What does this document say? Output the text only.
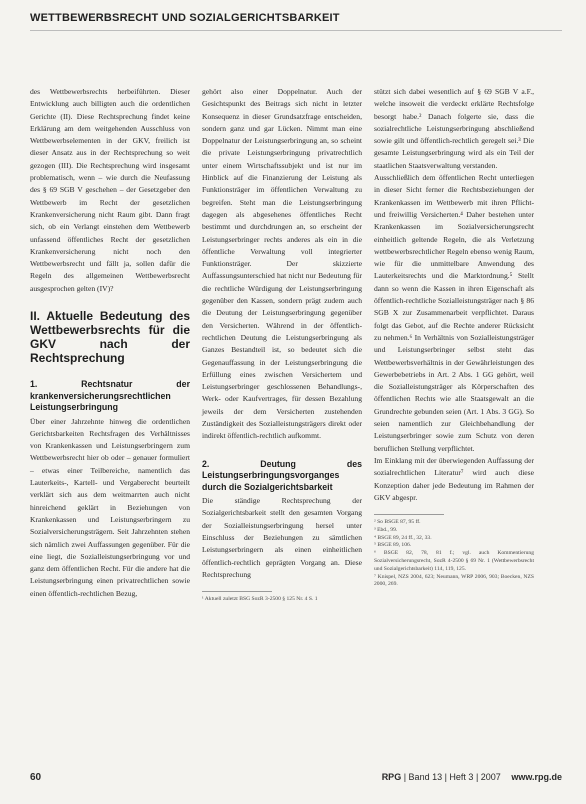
WETTBEWERBSRECHT UND SOZIALGERICHTSBARKEIT

des Wettbewerbsrechts herbeiführten. Dieser Entwicklung auch billigten auch die ordentlichen Gerichte (II). Diese Rechtsprechung findet keine Erklärung am dem weitgehenden Ausschluss von Wettbewerbselementen in der GKV, freilich ist dieser Ansatz aus in der Rechtsprechung so weit gezogen (III). Die Rechtsprechung wird insgesamt problematisch, wenn – wie durch die Neufassung des § 69 SGB V geschehen – der Gesetzgeber den Wettbewerb im Recht der gesetzlichen Krankenversicherung nicht Raum gibt. Dann fragt sich, ob ein Verlangt einstehen dem Wettbewerb unfassend öffentliches Recht der gesetzlichen Krankenversicherung nicht noch den Wettbewerbsrecht und fällt ja, sollen dafür die Regeln des allgemeinen Wettbewerbsrecht ausgesprochen gelten (IV)?

II. Aktuelle Bedeutung des Wettbewerbsrechts für die GKV nach der Rechtsprechung
1. Rechtsnatur der krankenversicherungsrechtlichen Leistungserbringung

Über einer Jahrzehnte hinweg die ordentlichen Gerichtsbarkeiten Rechtsfragen des Verhältnisses von Krankenkassen und Leistungserbringern zum Wettbewerbsrecht hier ob oder – genauer formuliert – etwas einer Teilbereiche, namentlich das Lauterkeits-, Kartell- und Vergaberecht beurteilt verklärt sich aus dem weitmarrten auch nicht hinreichend geklärt in Beziehungen von Krankenkassen und Leistungserbringern zu Sozialversicherungsträgern. Seit Jahrzehnten stehen sich nämlich zwei Auffassungen gegenüber. Für die eine liegt, die Sozialleistungserbringung vor und ganz dem öffentlichen Recht. Für die andere hat die Leistungserbringung einen privatrechtlichen sowie einen öffentlich-rechtlichen Bezug,

gehört also einer Doppelnatur. Auch der Gesichtspunkt des Beitrags sich nicht in letzter Konsequenz in dieser Grundsatzfrage entscheiden, sondern ganz und gar Lücken. Nimmt man eine Doppelnatur der Leistungserbringung an, so scheint die private Leistungserbringung privatrechtlich unter einem Wirtschaftssubjekt und ist nur im Hinblick auf die Finanzierung der Leistung als Funktionsträger im öffentlichen Verwaltung zu begreifen. Steht man die Leistungserbringung dagegen als abgesehenes öffentliches Recht bestimmt und durchdrungen an, so erscheint der Leistungserbringer rechts anderes als ein in die öffentliche Verwaltung voll integrierter Funktionsträger. Der skizzierte Auffassungsunterschied hat nicht nur Bedeutung für die rechtliche Würdigung der Leistungserbringung gegenüber den Kassen, sondern prägt zudem auch die Deutung der Leistungserbringung gegenüber den Versicherten. Während in der öffentlich-rechtlichen Deutung die Leistungserbringung als Ganzes Bestandteil ist, so bedeutet sich die Gegenauffassung in der Leistungserbringung die Erfüllung eines zwischen Versichertem und Leistungserbringer geschlossenen Behandlungs-, Werk- oder Kaufvertrages, für dessen Bezahlung jeweils der dem Versicherten zustehenden Zuständigkeit des Sozialleistungsträgers direkt oder indirekt öffentlich-rechtlich aufkommt.

2. Deutung des Leistungserbringungsvorganges durch die Sozialgerichtsbarkeit

Die ständige Rechtsprechung der Sozialgerichtsbarkeit stellt den gesamten Vorgang der Sozialleistungserbringung hersel unter Einschluss der Beziehungen zu sämtlichen Leistungserbringern als einen einheitlichen öffentlich-rechtlich geprägten Vorgang an. Diese Rechtsprechung

¹ Aktuell zuletzt BSG SozR 3-2500 § 125 Nr. 4 S. 1

stützt sich dabei wesentlich auf § 69 SGB V a.F., welche insoweit die verdeckt erklärte Rechtsfolge besorgt habe.² Danach folgerte sie, dass die sozialrechtliche Leistungserbringung abschließend sowie gilt und öffentlich-rechtlich geregelt sei.³ Die gesamte Leistungserbringung wird als ein Teil der staatlichen Staatsverwaltung verstanden.

Ausschließlich dem öffentlichen Recht unterliegen in dieser Sicht ferner die Rechtsbeziehungen der Krankenkassen im Wettbewerb mit ihren Pflicht- und freiwillig Versicherten.⁴ Daher bestehen unter Krankenkassen im Sozialversicherungsrecht einheitlich geltende Regeln, die als Verletzung wettbewerbsrechtlicher Regeln ebenso wenig Raum, wie für die unmittelbare Anwendung des Lauterkeitsrechts und die Marktordnung.⁵ Stellt dann so wenn die Kassen in ihren Eigenschaft als öffentlich-rechtliche Sozialleistungsträger nach § 86 SGB X zur Zusammenarbeit verpflichtet. Daraus folgt das Gebot, auf die Rechte anderer Rücksicht zu nehmen.⁶ In Verhältnis von Sozialleistungsträger und Leistungserbringer selbst steht das Wettbewerbsverhältnis in der Gewährleistungen des Gewerbebetriebs in Art. 2 Abs. 1 GG gehört, weil die Sozialleistungsträger als Körperschaften des öffentlichen Rechts wie alle Staatsgewalt an die Grundrechte gebunden seien (Art. 1 Abs. 3 GG). So seien namentlich zur Gleichbehandlung der Leistungserbringer sowie zum Schutz von deren beruflichen Stellung verpflichtet.

Im Einklang mit der überwiegenden Auffassung der sozialrechtlichen Literatur⁷ wird auch diese Konzeption daher jede Bedeutung im Rahmen der GKV abgespr.

² So BSGE 87, 95 ff.
³ Ebd., 99.
⁴ BSGE 89, 24 ff., 32, 33.
⁵ BSGE 89, 106.
⁶ BSGE 82, 78, 81 f.; vgl. auch Kommentierung Sozialversicherungsrecht, SozR 4-2500 § 69 Nr. 1 (Wettbewerbsrecht und Sozialgerichtsbarkeit) 114, 119, 125.
⁷ Knispel, NZS 2004, 623; Neumann, WRP 2006, 903; Boecken, NZS 2000, 269.
60	RPG | Band 13 | Heft 3 | 2007 www.rpg.de
